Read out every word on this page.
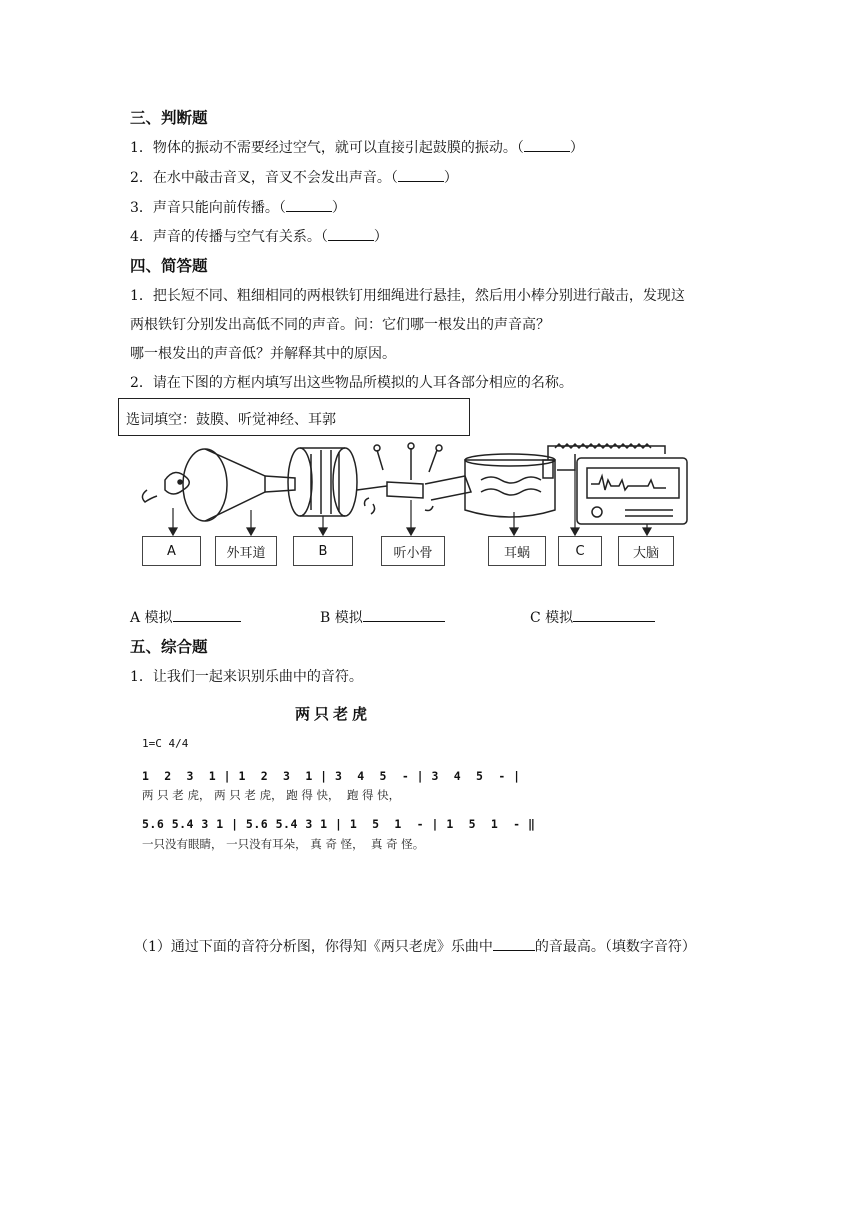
三、判断题
1．物体的振动不需要经过空气，就可以直接引起鼓膜的振动。（	）
2．在水中敲击音叉，音叉不会发出声音。（	）
3．声音只能向前传播。（	）
4．声音的传播与空气有关系。（	）
四、简答题
1．把长短不同、粗细相同的两根铁钉用细绳进行悬挂，然后用小棒分别进行敲击，发现这
两根铁钉分别发出高低不同的声音。问：它们哪一根发出的声音高？
哪一根发出的声音低？并解释其中的原因。
2．请在下图的方框内填写出这些物品所模拟的人耳各部分相应的名称。
选词填空：鼓膜、听觉神经、耳郭
A	外耳道	B	听小骨	耳蜗	C	大脑
A 模拟	B 模拟	C 模拟
五、综合题
1．让我们一起来识别乐曲中的音符。
两只老虎
1=C 4/4
1  2  3  1 | 1  2  3  1 | 3  4  5  - | 3  4  5  - |
两 只 老 虎， 两 只 老 虎， 跑 得 快，  跑 得 快，
5.6 5.4 3 1 | 5.6 5.4 3 1 | 1  5  1  - | 1  5  1  - ‖
一只没有眼睛， 一只没有耳朵， 真 奇 怪，  真 奇 怪。
（1）通过下面的音符分析图，你得知《两只老虎》乐曲中	的音最高。（填数字音符）
